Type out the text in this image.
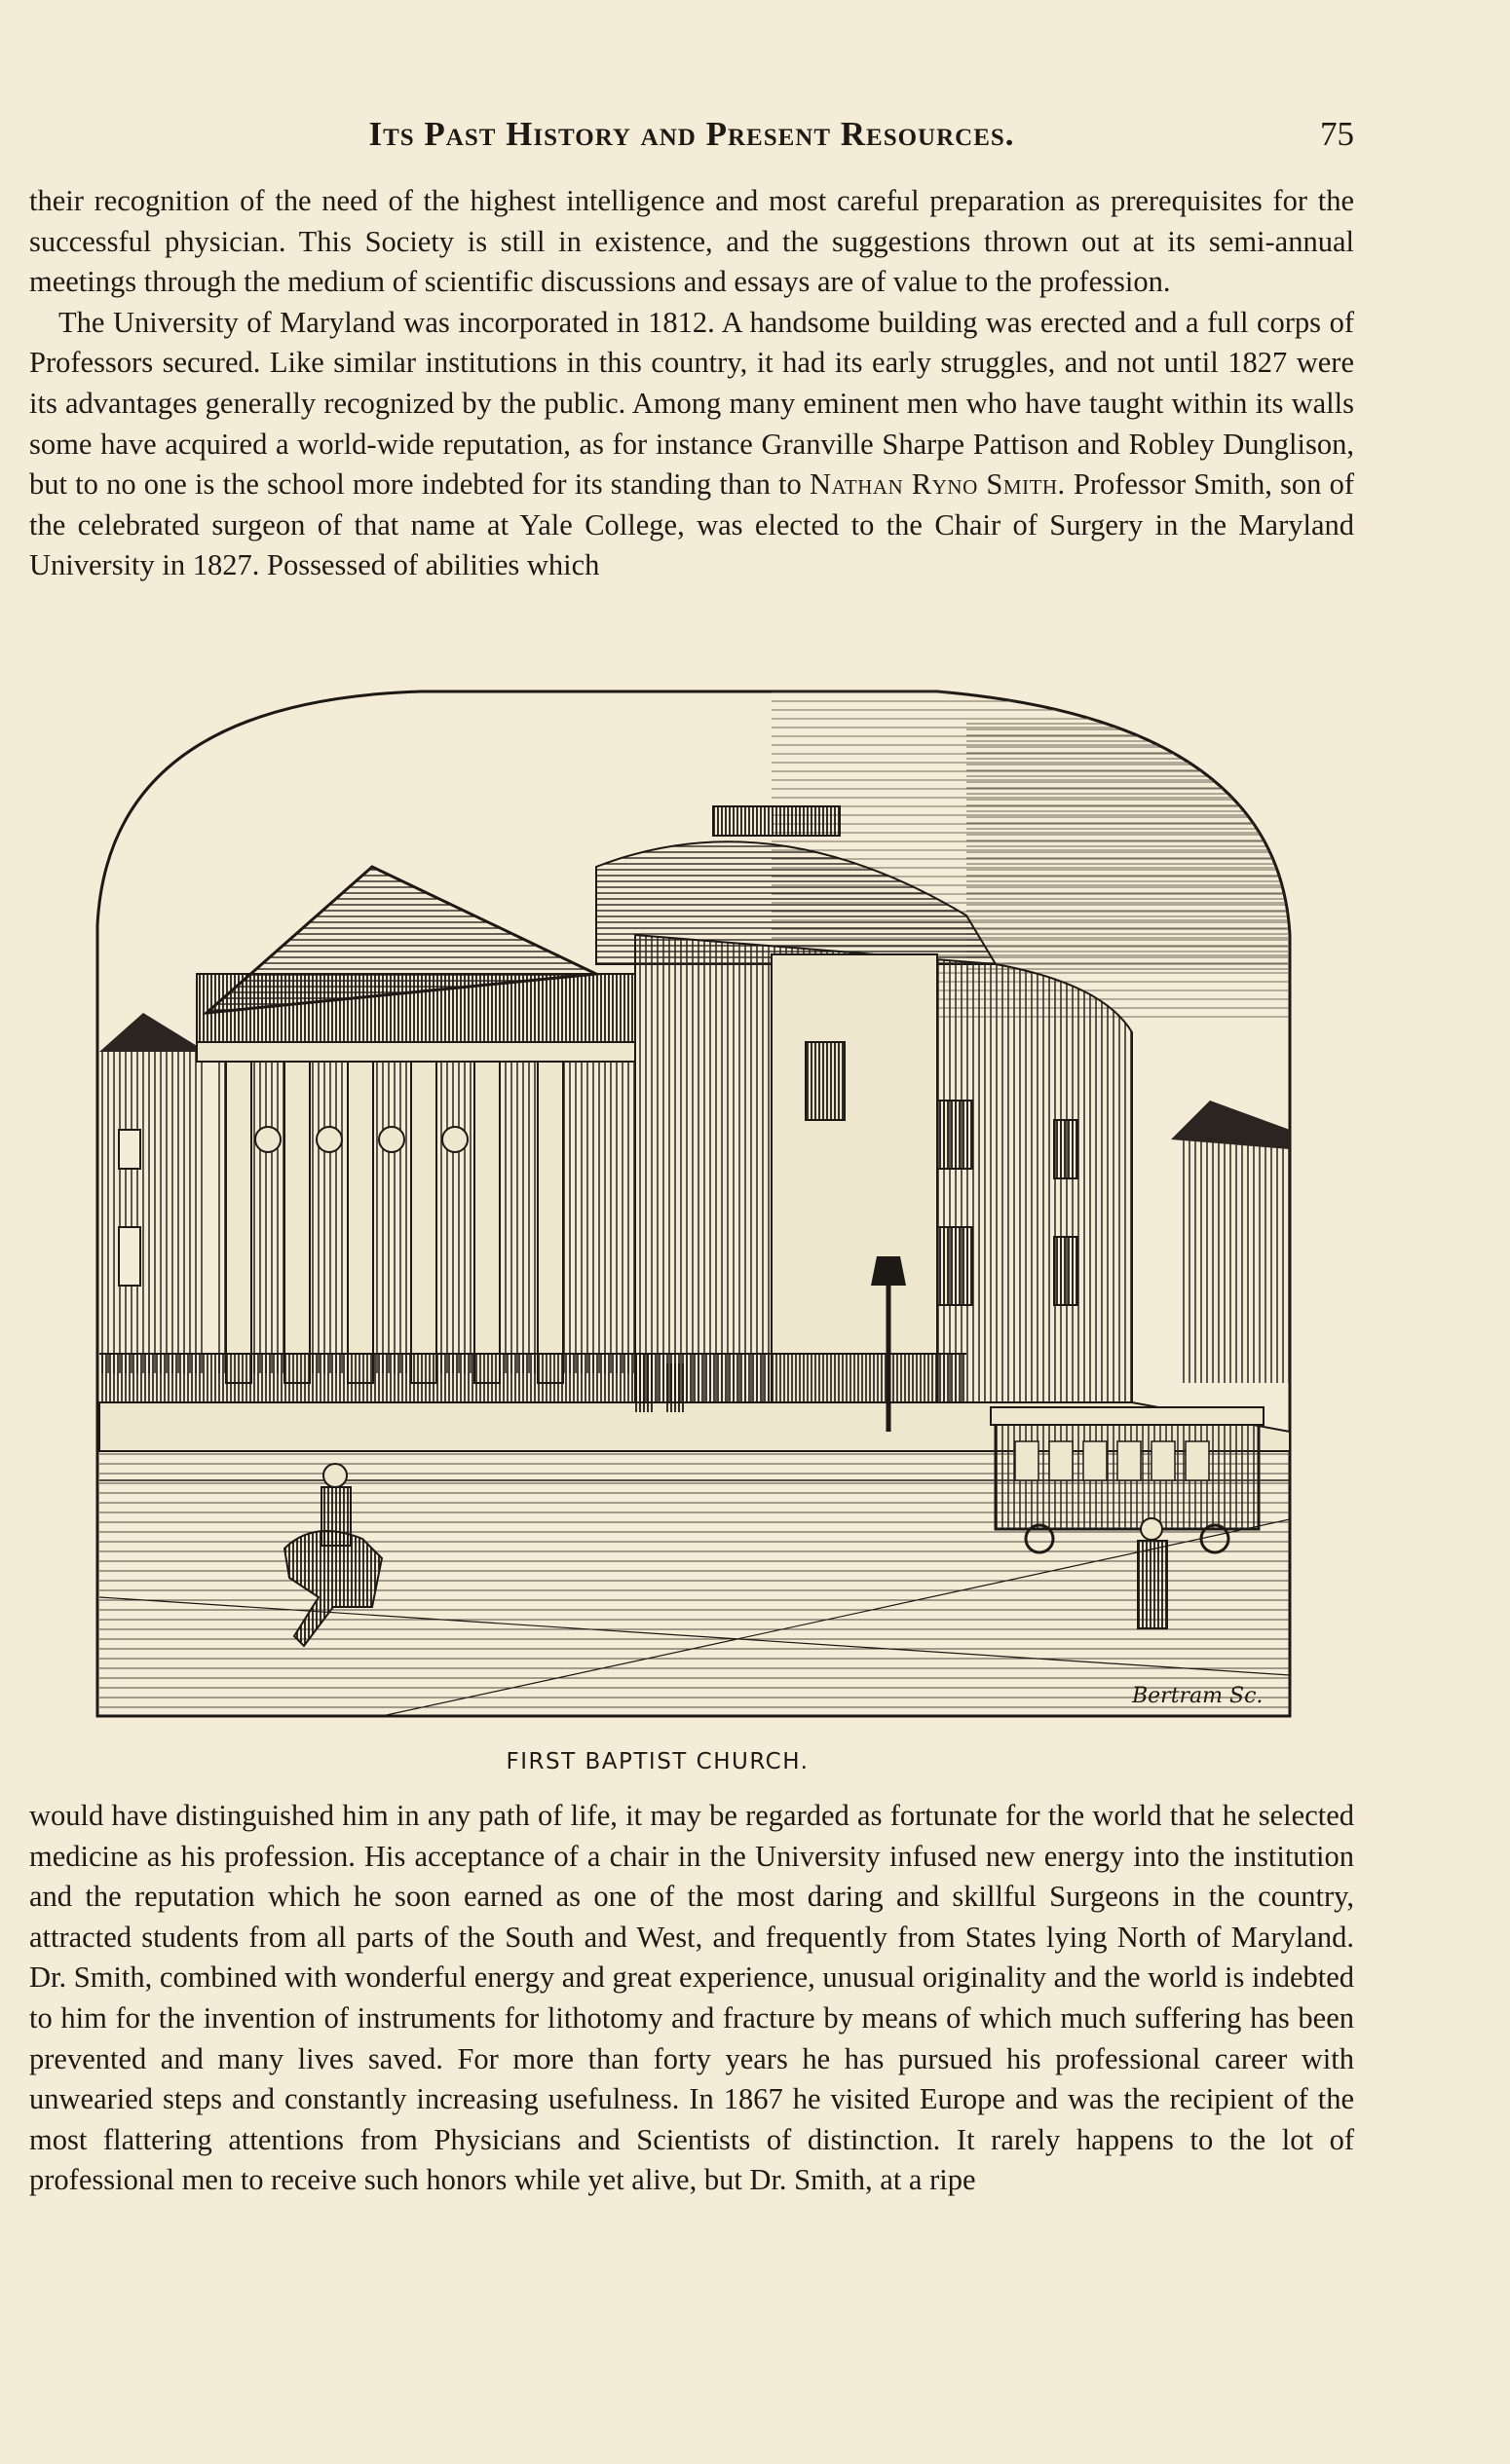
Its Past History and Present Resources.	75

their recognition of the need of the highest intelligence and most careful preparation as prerequisites for the successful physician. This Society is still in existence, and the suggestions thrown out at its semi-annual meetings through the medium of scientific discussions and essays are of value to the profession.

The University of Maryland was incorporated in 1812. A handsome building was erected and a full corps of Professors secured. Like similar institutions in this country, it had its early struggles, and not until 1827 were its advantages generally recognized by the public. Among many eminent men who have taught within its walls some have acquired a world-wide reputation, as for instance Granville Sharpe Pattison and Robley Dunglison, but to no one is the school more indebted for its standing than to Nathan Ryno Smith. Professor Smith, son of the celebrated surgeon of that name at Yale College, was elected to the Chair of Surgery in the Maryland University in 1827. Possessed of abilities which

Bertram Sc.
FIRST BAPTIST CHURCH.

would have distinguished him in any path of life, it may be regarded as fortunate for the world that he selected medicine as his profession. His acceptance of a chair in the University infused new energy into the institution and the reputation which he soon earned as one of the most daring and skillful Surgeons in the country, attracted students from all parts of the South and West, and frequently from States lying North of Maryland. Dr. Smith, combined with wonderful energy and great experience, unusual originality and the world is indebted to him for the invention of instruments for lithotomy and fracture by means of which much suffering has been prevented and many lives saved. For more than forty years he has pursued his professional career with unwearied steps and constantly increasing usefulness. In 1867 he visited Europe and was the recipient of the most flattering attentions from Physicians and Scientists of distinction. It rarely happens to the lot of professional men to receive such honors while yet alive, but Dr. Smith, at a ripe
